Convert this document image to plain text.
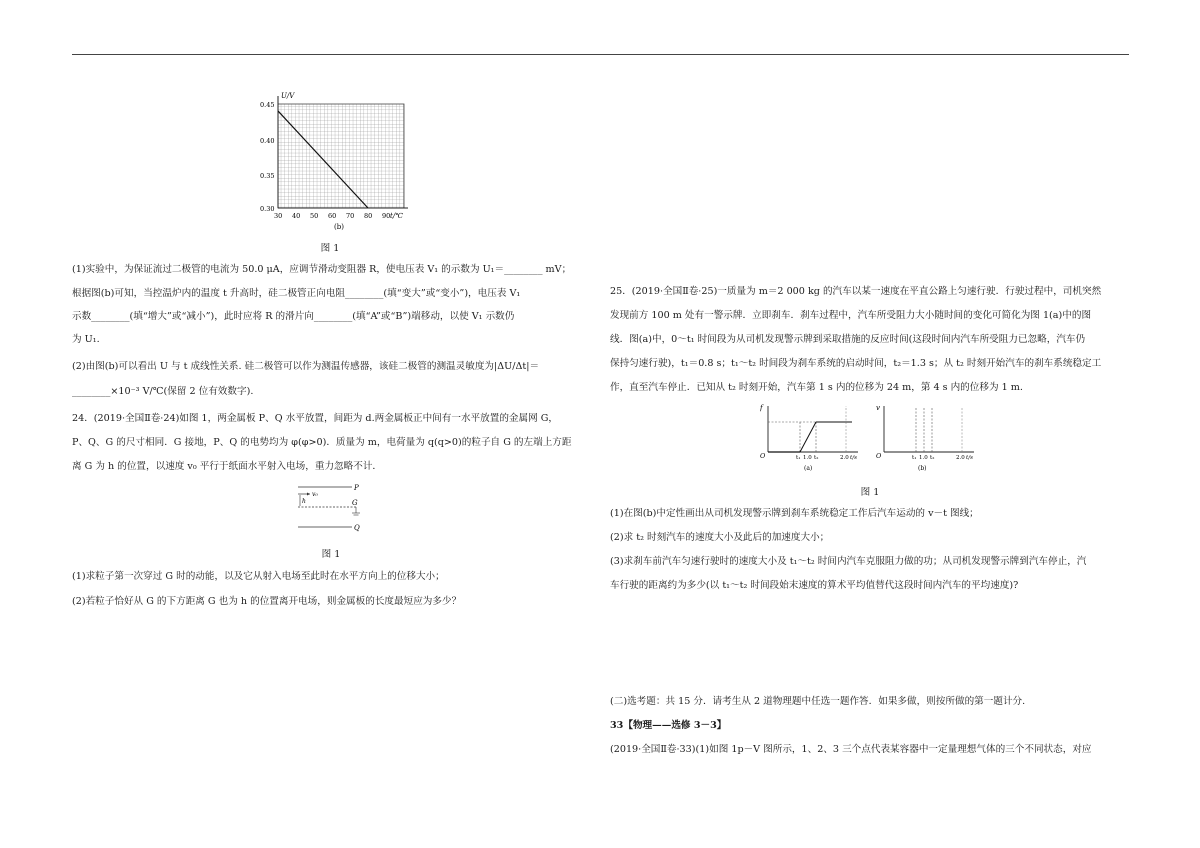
U/V
t/℃
0.45
0.40
0.35
0.30
30 40 50 60 70 80 90
(b)
图 1
(1)实验中，为保证流过二极管的电流为 50.0 μA，应调节滑动变阻器 R，使电压表 V₁ 的示数为 U₁＝________ mV；
根据图(b)可知，当控温炉内的温度 t 升高时，硅二极管正向电阻________(填“变大”或“变小”)，电压表 V₁
示数________(填“增大”或“减小”)，此时应将 R 的滑片向________(填“A”或“B”)端移动，以使 V₁ 示数仍
为 U₁.
(2)由图(b)可以看出 U 与 t 成线性关系. 硅二极管可以作为测温传感器，该硅二极管的测温灵敏度为|ΔU/Δt|＝
________×10⁻³ V/℃(保留 2 位有效数字).
24．(2019·全国Ⅱ卷·24)如图 1，两金属板 P、Q 水平放置，间距为 d.两金属板正中间有一水平放置的金属网 G，
P、Q、G 的尺寸相同．G 接地，P、Q 的电势均为 φ(φ>0)．质量为 m，电荷量为 q(q>0)的粒子自 G 的左端上方距
离 G 为 h 的位置，以速度 v₀ 平行于纸面水平射入电场，重力忽略不计．
P
G
Q
v₀
h
图 1
(1)求粒子第一次穿过 G 时的动能，以及它从射入电场至此时在水平方向上的位移大小；
(2)若粒子恰好从 G 的下方距离 G 也为 h 的位置离开电场，则金属板的长度最短应为多少？
25．(2019·全国Ⅱ卷·25)一质量为 m＝2 000 kg 的汽车以某一速度在平直公路上匀速行驶．行驶过程中，司机突然
发现前方 100 m 处有一警示牌．立即刹车．刹车过程中，汽车所受阻力大小随时间的变化可简化为图 1(a)中的图
线．图(a)中，0～t₁ 时间段为从司机发现警示牌到采取措施的反应时间(这段时间内汽车所受阻力已忽略，汽车仍
保持匀速行驶)，t₁＝0.8 s；t₁～t₂ 时间段为刹车系统的启动时间，t₂＝1.3 s；从 t₂ 时刻开始汽车的刹车系统稳定工
作，直至汽车停止．已知从 t₂ 时刻开始，汽车第 1 s 内的位移为 24 m，第 4 s 内的位移为 1 m.
f
O	t₁ 1.0 t₂	2.0 t/s
(a)
v
O	t₁ 1.0 t₂	2.0 t/s
(b)
图 1
(1)在图(b)中定性画出从司机发现警示牌到刹车系统稳定工作后汽车运动的 v－t 图线；
(2)求 t₂ 时刻汽车的速度大小及此后的加速度大小；
(3)求刹车前汽车匀速行驶时的速度大小及 t₁～t₂ 时间内汽车克服阻力做的功；从司机发现警示牌到汽车停止，汽
车行驶的距离约为多少(以 t₁～t₂ 时间段始末速度的算术平均值替代这段时间内汽车的平均速度)?
(二)选考题：共 15 分．请考生从 2 道物理题中任选一题作答．如果多做，则按所做的第一题计分.
33【物理——选修 3－3】
(2019·全国Ⅱ卷·33)(1)如图 1p－V 图所示，1、2、3 三个点代表某容器中一定量理想气体的三个不同状态，对应
